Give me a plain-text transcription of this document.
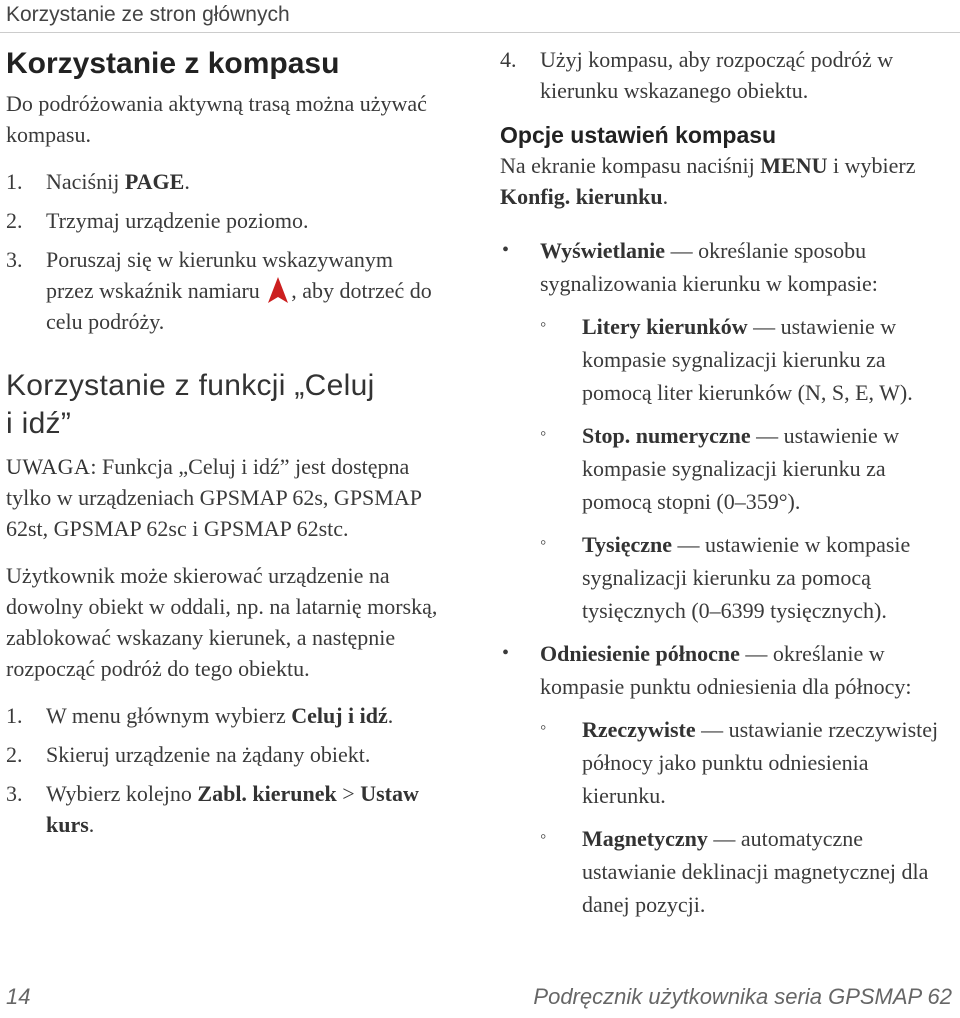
Korzystanie ze stron głównych
Korzystanie z kompasu

Do podróżowania aktywną trasą można używać kompasu.

1. Naciśnij PAGE.
2. Trzymaj urządzenie poziomo.
3. Poruszaj się w kierunku wskazywanym przez wskaźnik namiaru , aby dotrzeć do celu podróży.
Korzystanie z funkcji „Celuj
i idź”

UWAGA: Funkcja „Celuj i idź” jest dostępna tylko w urządzeniach GPSMAP 62s, GPSMAP 62st, GPSMAP 62sc i GPSMAP 62stc.

Użytkownik może skierować urządzenie na dowolny obiekt w oddali, np. na latarnię morską, zablokować wskazany kierunek, a następnie rozpocząć podróż do tego obiektu.

1. W menu głównym wybierz Celuj i idź.
2. Skieruj urządzenie na żądany obiekt.
3. Wybierz kolejno Zabl. kierunek > Ustaw kurs.
4. Użyj kompasu, aby rozpocząć podróż w kierunku wskazanego obiektu.
Opcje ustawień kompasu

Na ekranie kompasu naciśnij MENU i wybierz Konfig. kierunku.

• Wyświetlanie — określanie sposobu sygnalizowania kierunku w kompasie:
◦ Litery kierunków — ustawienie w kompasie sygnalizacji kierunku za pomocą liter kierunków (N, S, E, W).
◦ Stop. numeryczne — ustawienie w kompasie sygnalizacji kierunku za pomocą stopni (0–359°).
◦ Tysięczne — ustawienie w kompasie sygnalizacji kierunku za pomocą tysięcznych (0–6399 tysięcznych).
• Odniesienie północne — określanie w kompasie punktu odniesienia dla północy:
◦ Rzeczywiste — ustawianie rzeczywistej północy jako punktu odniesienia kierunku.
◦ Magnetyczny — automatyczne ustawianie deklinacji magnetycznej dla danej pozycji.
14	Podręcznik użytkownika seria GPSMAP 62
